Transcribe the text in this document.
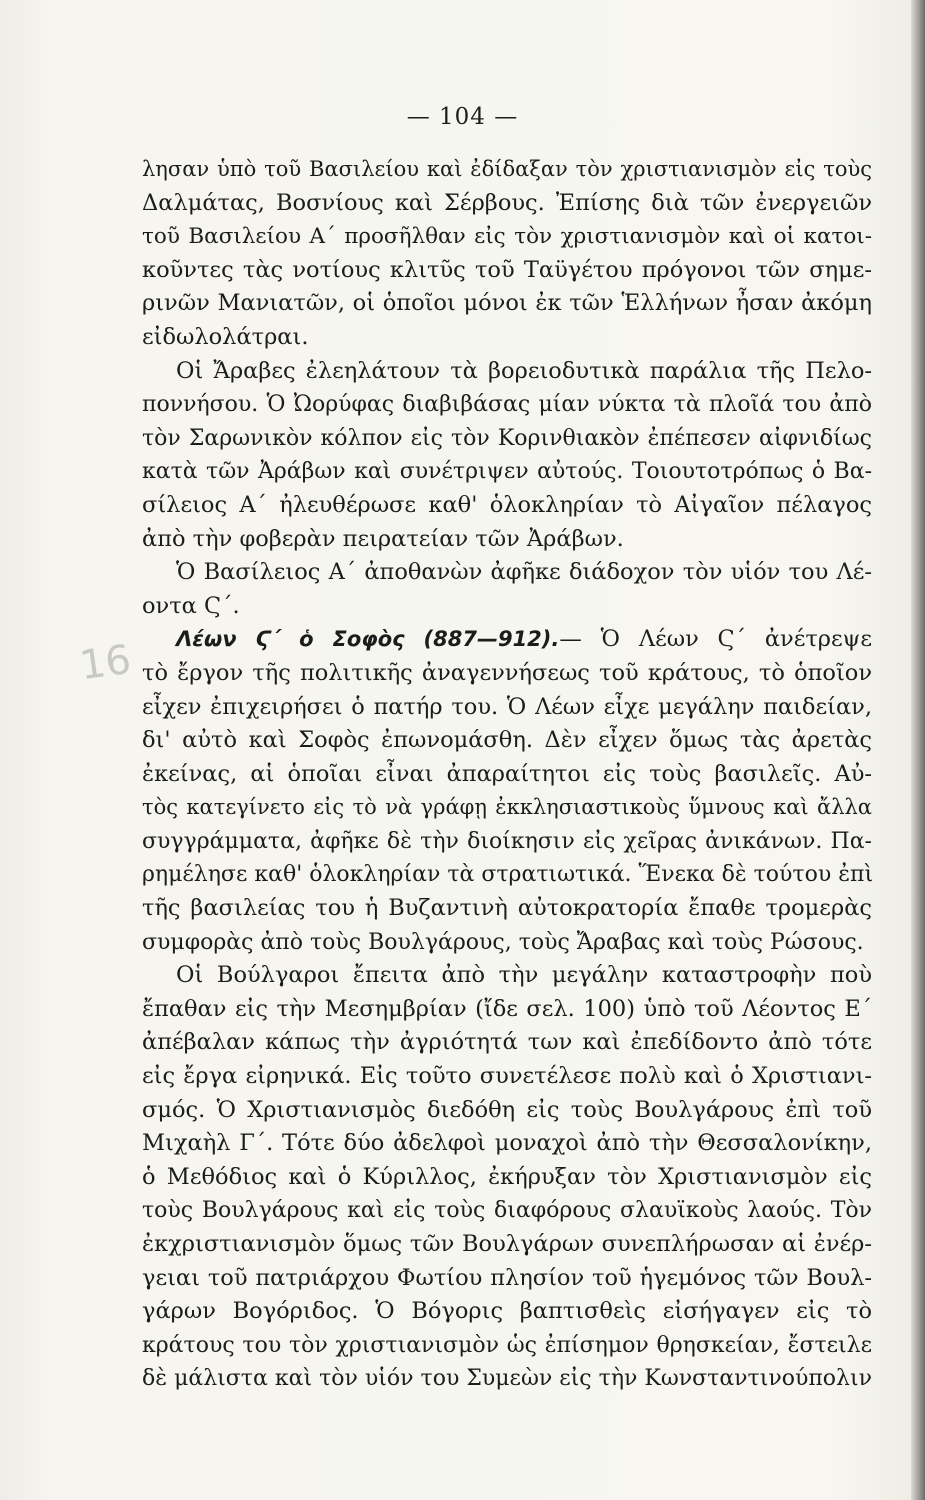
— 104 —
16
λησαν ὑπὸ τοῦ Βασιλείου καὶ ἐδίδαξαν τὸν χριστιανισμὸν εἰς τοὺς
Δαλμάτας, Βοσνίους καὶ Σέρβους. Ἐπίσης διὰ τῶν ἐνεργειῶν
τοῦ Βασιλείου Α΄ προσῆλθαν εἰς τὸν χριστιανισμὸν καὶ οἱ κατοι-
κοῦντες τὰς νοτίους κλιτῦς τοῦ Ταϋγέτου πρόγονοι τῶν σημε-
ρινῶν Μανιατῶν, οἱ ὁποῖοι μόνοι ἐκ τῶν Ἑλλήνων ἦσαν ἀκόμη
εἰδωλολάτραι.
Οἱ Ἄραβες ἐλεηλάτουν τὰ βορειοδυτικὰ παράλια τῆς Πελο-
ποννήσου. Ὁ Ὠορύφας διαβιβάσας μίαν νύκτα τὰ πλοῖά του ἀπὸ
τὸν Σαρωνικὸν κόλπον εἰς τὸν Κορινθιακὸν ἐπέπεσεν αἰφνιδίως
κατὰ τῶν Ἀράβων καὶ συνέτριψεν αὐτούς. Τοιουτοτρόπως ὁ Βα-
σίλειος Α΄ ἠλευθέρωσε καθ' ὁλοκληρίαν τὸ Αἰγαῖον πέλαγος
ἀπὸ τὴν φοβερὰν πειρατείαν τῶν Ἀράβων.
Ὁ Βασίλειος Α΄ ἀποθανὼν ἀφῆκε διάδοχον τὸν υἱόν του Λέ-
οντα Ϛ΄.
Λέων Ϛ΄ ὁ Σοφὸς (887—912).— Ὁ Λέων Ϛ΄ ἀνέτρεψε
τὸ ἔργον τῆς πολιτικῆς ἀναγεννήσεως τοῦ κράτους, τὸ ὁποῖον
εἶχεν ἐπιχειρήσει ὁ πατήρ του. Ὁ Λέων εἶχε μεγάλην παιδείαν,
δι' αὐτὸ καὶ Σοφὸς ἐπωνομάσθη. Δὲν εἶχεν ὅμως τὰς ἀρετὰς
ἐκείνας, αἱ ὁποῖαι εἶναι ἀπαραίτητοι εἰς τοὺς βασιλεῖς. Αὐ-
τὸς κατεγίνετο εἰς τὸ νὰ γράφῃ ἐκκλησιαστικοὺς ὕμνους καὶ ἄλλα
συγγράμματα, ἀφῆκε δὲ τὴν διοίκησιν εἰς χεῖρας ἀνικάνων. Πα-
ρημέλησε καθ' ὁλοκληρίαν τὰ στρατιωτικά. Ἕνεκα δὲ τούτου ἐπὶ
τῆς βασιλείας του ἡ Βυζαντινὴ αὐτοκρατορία ἔπαθε τρομερὰς
συμφορὰς ἀπὸ τοὺς Βουλγάρους, τοὺς Ἄραβας καὶ τοὺς Ρώσους.
Οἱ Βούλγαροι ἔπειτα ἀπὸ τὴν μεγάλην καταστροφὴν ποὺ
ἔπαθαν εἰς τὴν Μεσημβρίαν (ἴδε σελ. 100) ὑπὸ τοῦ Λέοντος Ε΄
ἀπέβαλαν κάπως τὴν ἀγριότητά των καὶ ἐπεδίδοντο ἀπὸ τότε
εἰς ἔργα εἰρηνικά. Εἰς τοῦτο συνετέλεσε πολὺ καὶ ὁ Χριστιανι-
σμός. Ὁ Χριστιανισμὸς διεδόθη εἰς τοὺς Βουλγάρους ἐπὶ τοῦ
Μιχαὴλ Γ΄. Τότε δύο ἀδελφοὶ μοναχοὶ ἀπὸ τὴν Θεσσαλονίκην,
ὁ Μεθόδιος καὶ ὁ Κύριλλος, ἐκήρυξαν τὸν Χριστιανισμὸν εἰς
τοὺς Βουλγάρους καὶ εἰς τοὺς διαφόρους σλαυϊκοὺς λαούς. Τὸν
ἐκχριστιανισμὸν ὅμως τῶν Βουλγάρων συνεπλήρωσαν αἱ ἐνέρ-
γειαι τοῦ πατριάρχου Φωτίου πλησίον τοῦ ἡγεμόνος τῶν Βουλ-
γάρων Βογόριδος. Ὁ Βόγορις βαπτισθεὶς εἰσήγαγεν εἰς τὸ
κράτους του τὸν χριστιανισμὸν ὡς ἐπίσημον θρησκείαν, ἔστειλε
δὲ μάλιστα καὶ τὸν υἱόν του Συμεὼν εἰς τὴν Κωνσταντινούπολιν
